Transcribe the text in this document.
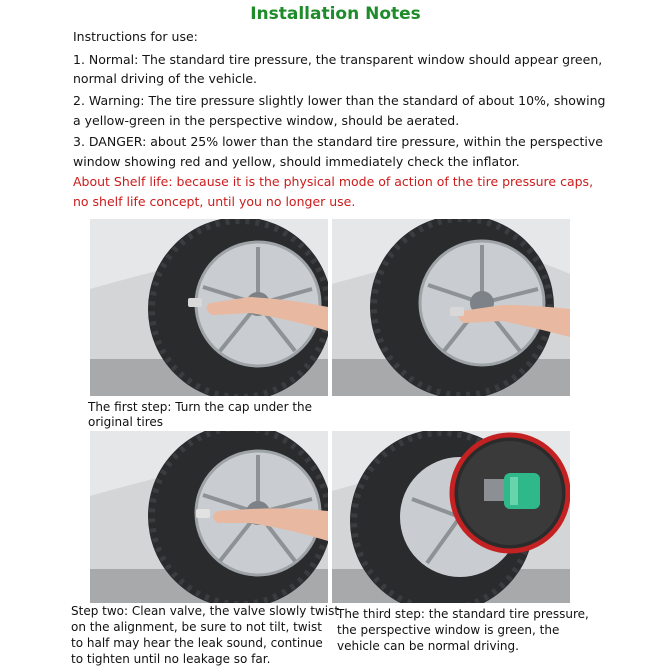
Installation Notes
Instructions for use:
1. Normal: The standard tire pressure, the transparent window should appear green,
normal driving of the vehicle.
2. Warning: The tire pressure slightly lower than the standard of about 10%, showing
a yellow-green in the perspective window, should be aerated.
3. DANGER: about 25% lower than the standard tire pressure, within the perspective
window showing red and yellow, should immediately check the inflator.
About Shelf life: because it is the physical mode of action of the tire pressure caps,
no shelf life concept, until you no longer use.
The first step: Turn the cap under the
original tires
Step two: Clean valve, the valve slowly twist
on the alignment, be sure to not tilt, twist
to half may hear the leak sound, continue
to tighten until no leakage so far.
The third step: the standard tire pressure,
the perspective window is green, the
vehicle can be normal driving.
